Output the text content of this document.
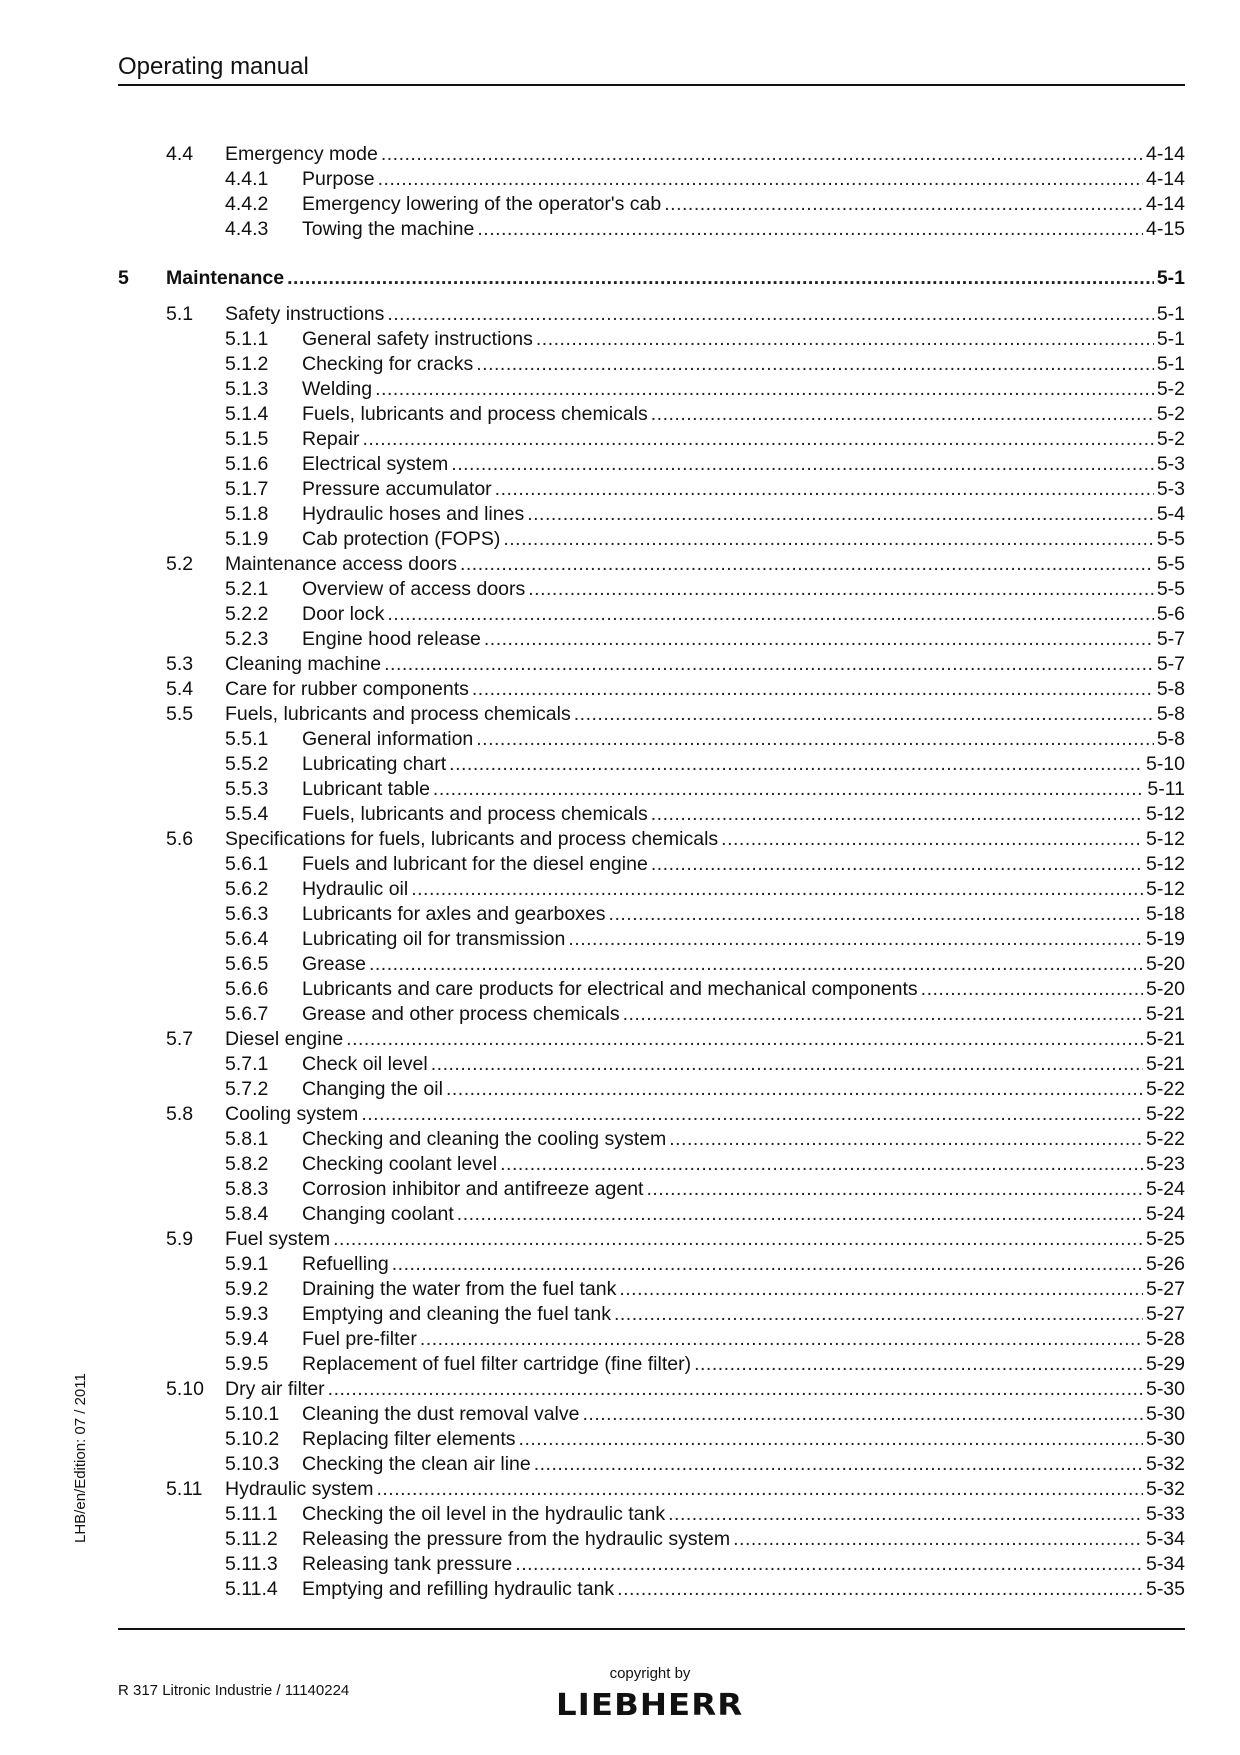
Operating manual
4.4 Emergency mode .....	4-14
4.4.1 Purpose .....	4-14
4.4.2 Emergency lowering of the operator's cab .....	4-14
4.4.3 Towing the machine .....	4-15
5 Maintenance .....	5-1
5.1 Safety instructions .....	5-1
5.1.1 General safety instructions .....	5-1
5.1.2 Checking for cracks .....	5-1
5.1.3 Welding .....	5-2
5.1.4 Fuels, lubricants and process chemicals .....	5-2
5.1.5 Repair .....	5-2
5.1.6 Electrical system .....	5-3
5.1.7 Pressure accumulator .....	5-3
5.1.8 Hydraulic hoses and lines .....	5-4
5.1.9 Cab protection (FOPS) .....	5-5
5.2 Maintenance access doors .....	5-5
5.2.1 Overview of access doors .....	5-5
5.2.2 Door lock .....	5-6
5.2.3 Engine hood release .....	5-7
5.3 Cleaning machine .....	5-7
5.4 Care for rubber components .....	5-8
5.5 Fuels, lubricants and process chemicals .....	5-8
5.5.1 General information .....	5-8
5.5.2 Lubricating chart .....	5-10
5.5.3 Lubricant table .....	5-11
5.5.4 Fuels, lubricants and process chemicals .....	5-12
5.6 Specifications for fuels, lubricants and process chemicals .....	5-12
5.6.1 Fuels and lubricant for the diesel engine .....	5-12
5.6.2 Hydraulic oil .....	5-12
5.6.3 Lubricants for axles and gearboxes .....	5-18
5.6.4 Lubricating oil for transmission .....	5-19
5.6.5 Grease .....	5-20
5.6.6 Lubricants and care products for electrical and mechanical components .....	5-20
5.6.7 Grease and other process chemicals .....	5-21
5.7 Diesel engine .....	5-21
5.7.1 Check oil level .....	5-21
5.7.2 Changing the oil .....	5-22
5.8 Cooling system .....	5-22
5.8.1 Checking and cleaning the cooling system .....	5-22
5.8.2 Checking coolant level .....	5-23
5.8.3 Corrosion inhibitor and antifreeze agent .....	5-24
5.8.4 Changing coolant .....	5-24
5.9 Fuel system .....	5-25
5.9.1 Refuelling .....	5-26
5.9.2 Draining the water from the fuel tank .....	5-27
5.9.3 Emptying and cleaning the fuel tank .....	5-27
5.9.4 Fuel pre-filter .....	5-28
5.9.5 Replacement of fuel filter cartridge (fine filter) .....	5-29
5.10 Dry air filter .....	5-30
5.10.1 Cleaning the dust removal valve .....	5-30
5.10.2 Replacing filter elements .....	5-30
5.10.3 Checking the clean air line .....	5-32
5.11 Hydraulic system .....	5-32
5.11.1 Checking the oil level in the hydraulic tank .....	5-33
5.11.2 Releasing the pressure from the hydraulic system .....	5-34
5.11.3 Releasing tank pressure .....	5-34
5.11.4 Emptying and refilling hydraulic tank .....	5-35
LHB/en/Edition: 07 / 2011
R 317 Litronic Industrie / 11140224
copyright by
LIEBHERR
